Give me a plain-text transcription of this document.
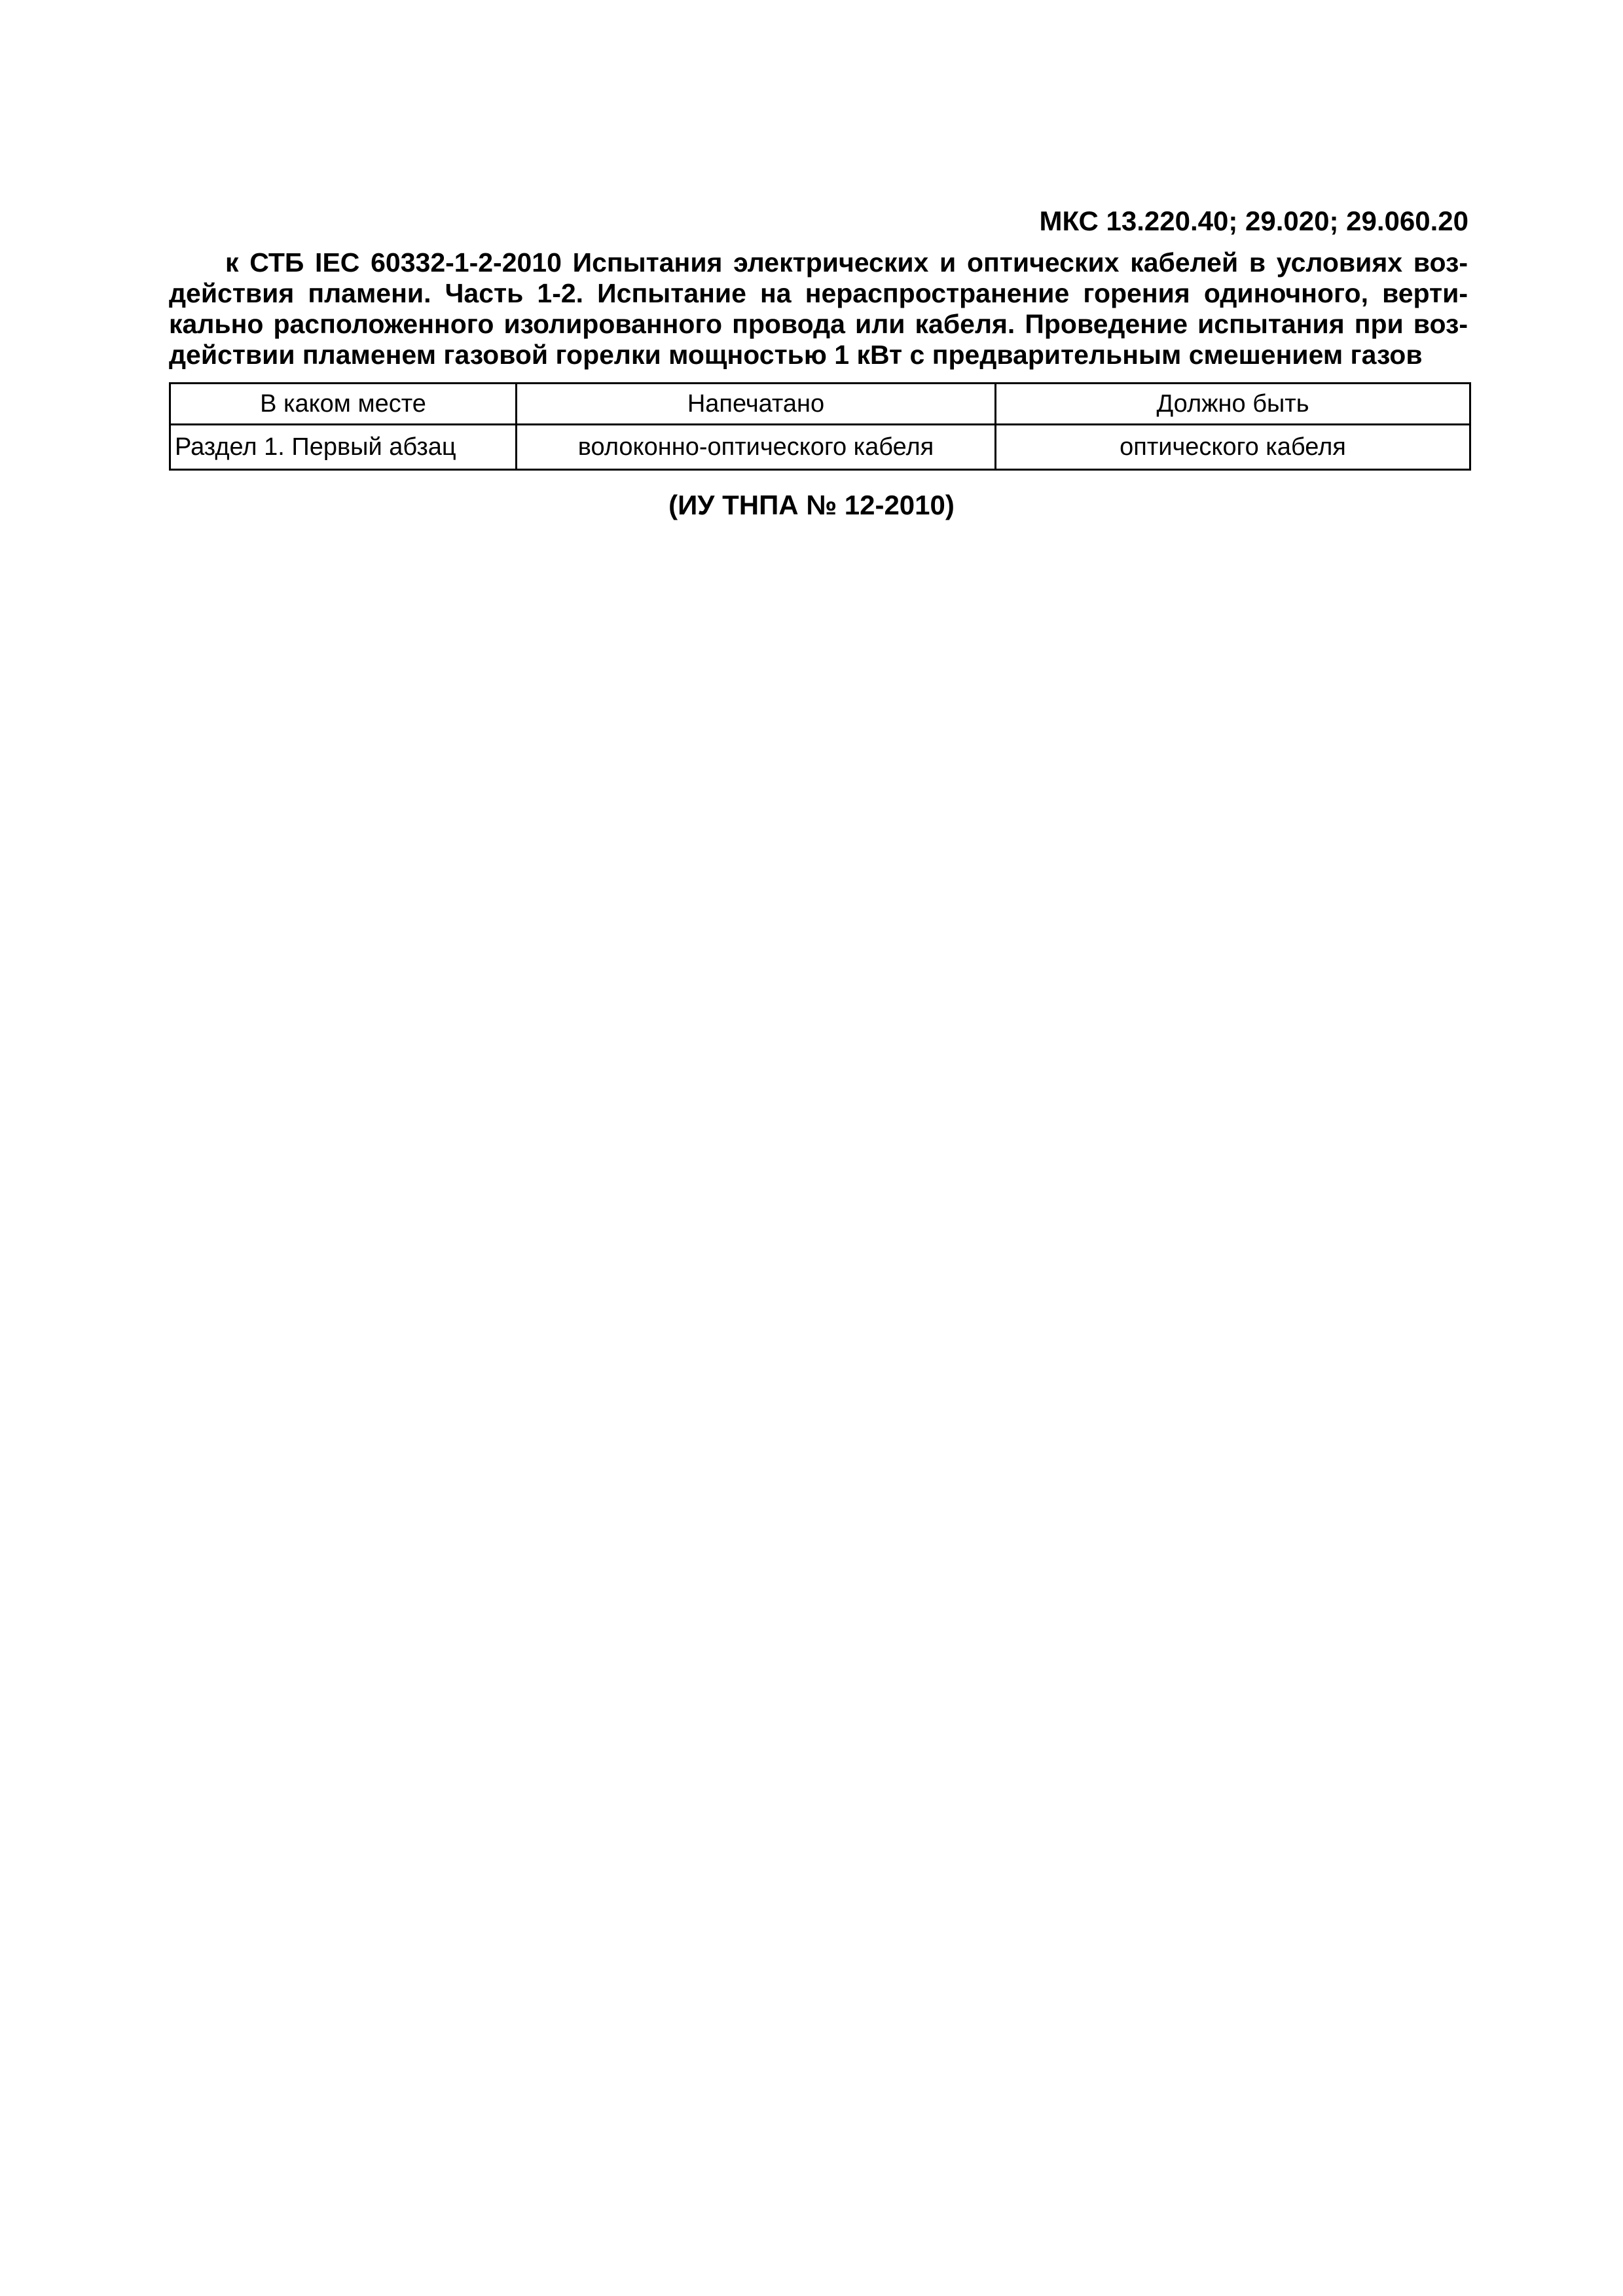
МКС 13.220.40; 29.020; 29.060.20

к СТБ IEC 60332-1-2-2010 Испытания электрических и оптических кабелей в условиях воздействия пламени. Часть 1-2. Испытание на нераспространение горения одиночного, вертикально расположенного изолированного провода или кабеля. Проведение испытания при воздействии пламенем газовой горелки мощностью 1 кВт с предварительным смешением газов

В каком месте	Напечатано	Должно быть
Раздел 1. Первый абзац	волоконно-оптического кабеля	оптического кабеля
(ИУ ТНПА № 12-2010)
